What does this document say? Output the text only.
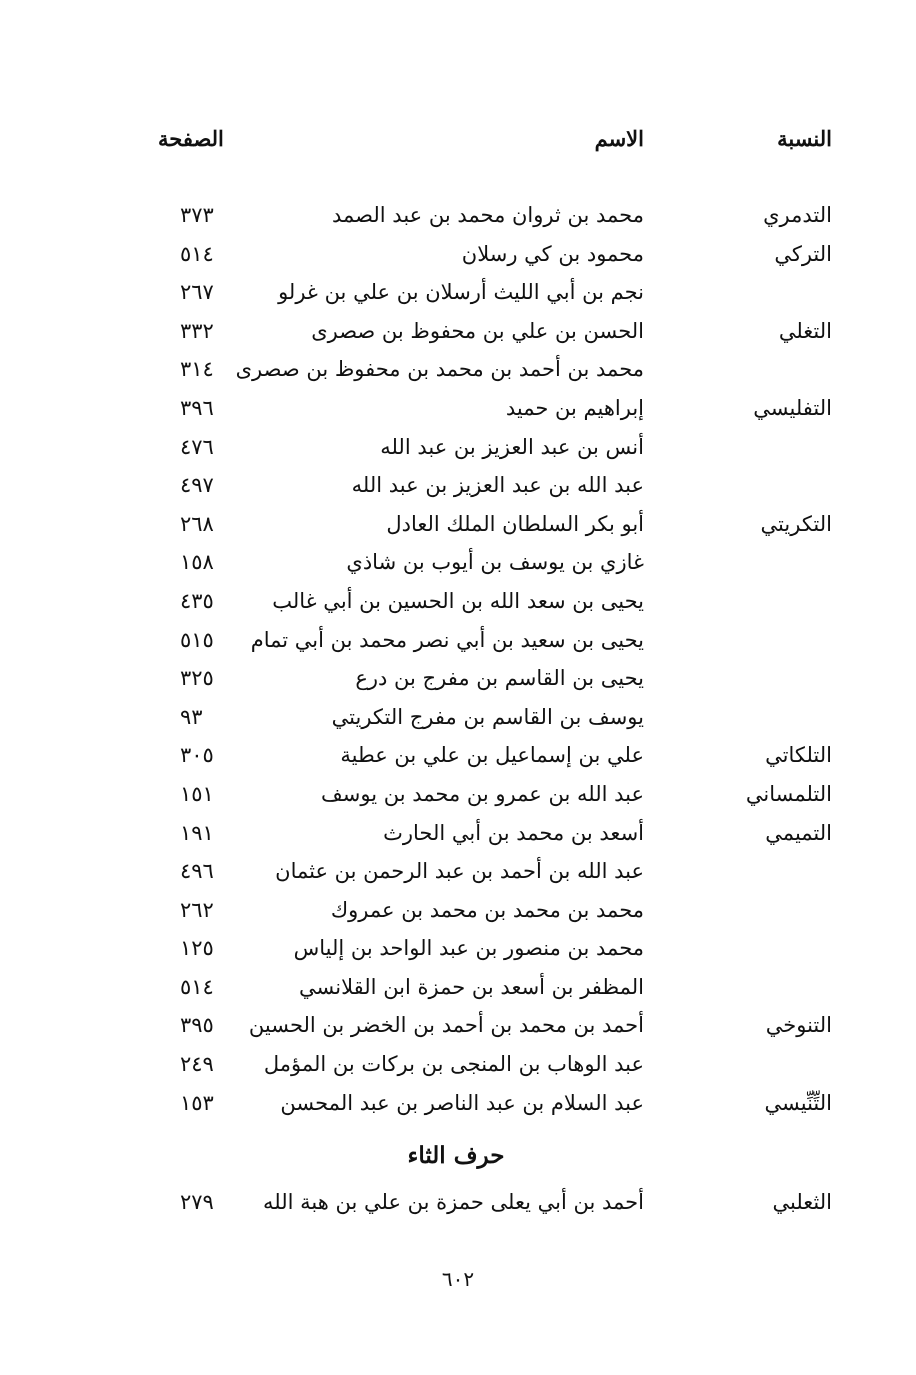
النسبة
الاسم
الصفحة
التدمري
محمد بن ثروان محمد بن عبد الصمد
٣٧٣
التركي
محمود بن كي رسلان
٥١٤
نجم بن أبي الليث أرسلان بن علي بن غرلو
٢٦٧
التغلي
الحسن بن علي بن محفوظ بن صصرى
٣٣٢
محمد بن أحمد بن محمد بن محفوظ بن صصرى
٣١٤
التفليسي
إبراهيم بن حميد
٣٩٦
أنس بن عبد العزيز بن عبد الله
٤٧٦
عبد الله بن عبد العزيز بن عبد الله
٤٩٧
التكريتي
أبو بكر السلطان الملك العادل
٢٦٨
غازي بن يوسف بن أيوب بن شاذي
١٥٨
يحيى بن سعد الله بن الحسين بن أبي غالب
٤٣٥
يحيى بن سعيد بن أبي نصر محمد بن أبي تمام
٥١٥
يحيى بن القاسم بن مفرج بن درع
٣٢٥
يوسف بن القاسم بن مفرج التكريتي
٩٣
التلكاتي
علي بن إسماعيل بن علي بن عطية
٣٠٥
التلمساني
عبد الله بن عمرو بن محمد بن يوسف
١٥١
التميمي
أسعد بن محمد بن أبي الحارث
١٩١
عبد الله بن أحمد بن عبد الرحمن بن عثمان
٤٩٦
محمد بن محمد بن محمد بن عمروك
٢٦٢
محمد بن منصور بن عبد الواحد بن إلياس
١٢٥
المظفر بن أسعد بن حمزة ابن القلانسي
٥١٤
التنوخي
أحمد بن محمد بن أحمد بن الخضر بن الحسين
٣٩٥
عبد الوهاب بن المنجى بن بركات بن المؤمل
٢٤٩
التِّنِّيسي
عبد السلام بن عبد الناصر بن عبد المحسن
١٥٣
حرف الثاء
الثعلبي
أحمد بن أبي يعلى حمزة بن علي بن هبة الله
٢٧٩
٦٠٢
